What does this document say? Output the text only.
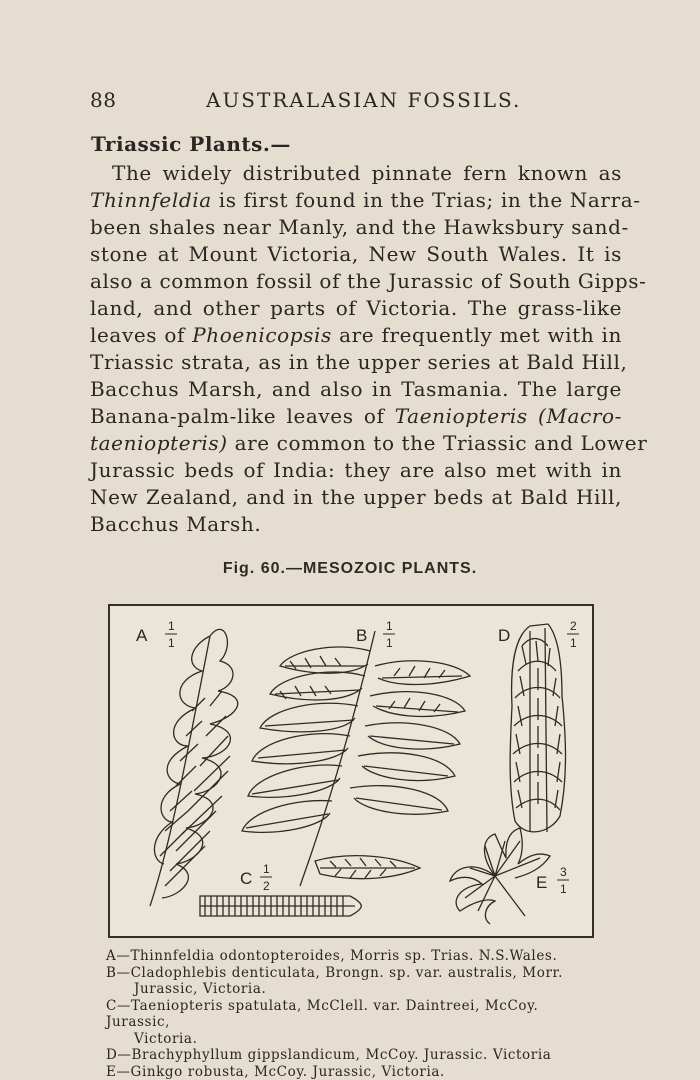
88	AUSTRALASIAN FOSSILS.
Triassic Plants.—
The widely distributed pinnate fern known as
Thinnfeldia is first found in the Trias; in the Narra-
been shales near Manly, and the Hawksbury sand-
stone at Mount Victoria, New South Wales. It is
also a common fossil of the Jurassic of South Gipps-
land, and other parts of Victoria. The grass-like
leaves of Phoenicopsis are frequently met with in
Triassic strata, as in the upper series at Bald Hill,
Bacchus Marsh, and also in Tasmania. The large
Banana-palm-like leaves of Taeniopteris (Macro-
taeniopteris) are common to the Triassic and Lower
Jurassic beds of India: they are also met with in
New Zealand, and in the upper beds at Bald Hill,
Bacchus Marsh.
Fig. 60.—MESOZOIC PLANTS.
A 1
1	B 1
1
C 1
2
D	2
1
E
3
1
A—Thinnfeldia odontopteroides, Morris sp. Trias. N.S.Wales.
B—Cladophlebis denticulata, Brongn. sp. var. australis, Morr.
Jurassic, Victoria.
C—Taeniopteris spatulata, McClell. var. Daintreei, McCoy. Jurassic,
Victoria.
D—Brachyphyllum gippslandicum, McCoy. Jurassic. Victoria
E—Ginkgo robusta, McCoy. Jurassic, Victoria.
